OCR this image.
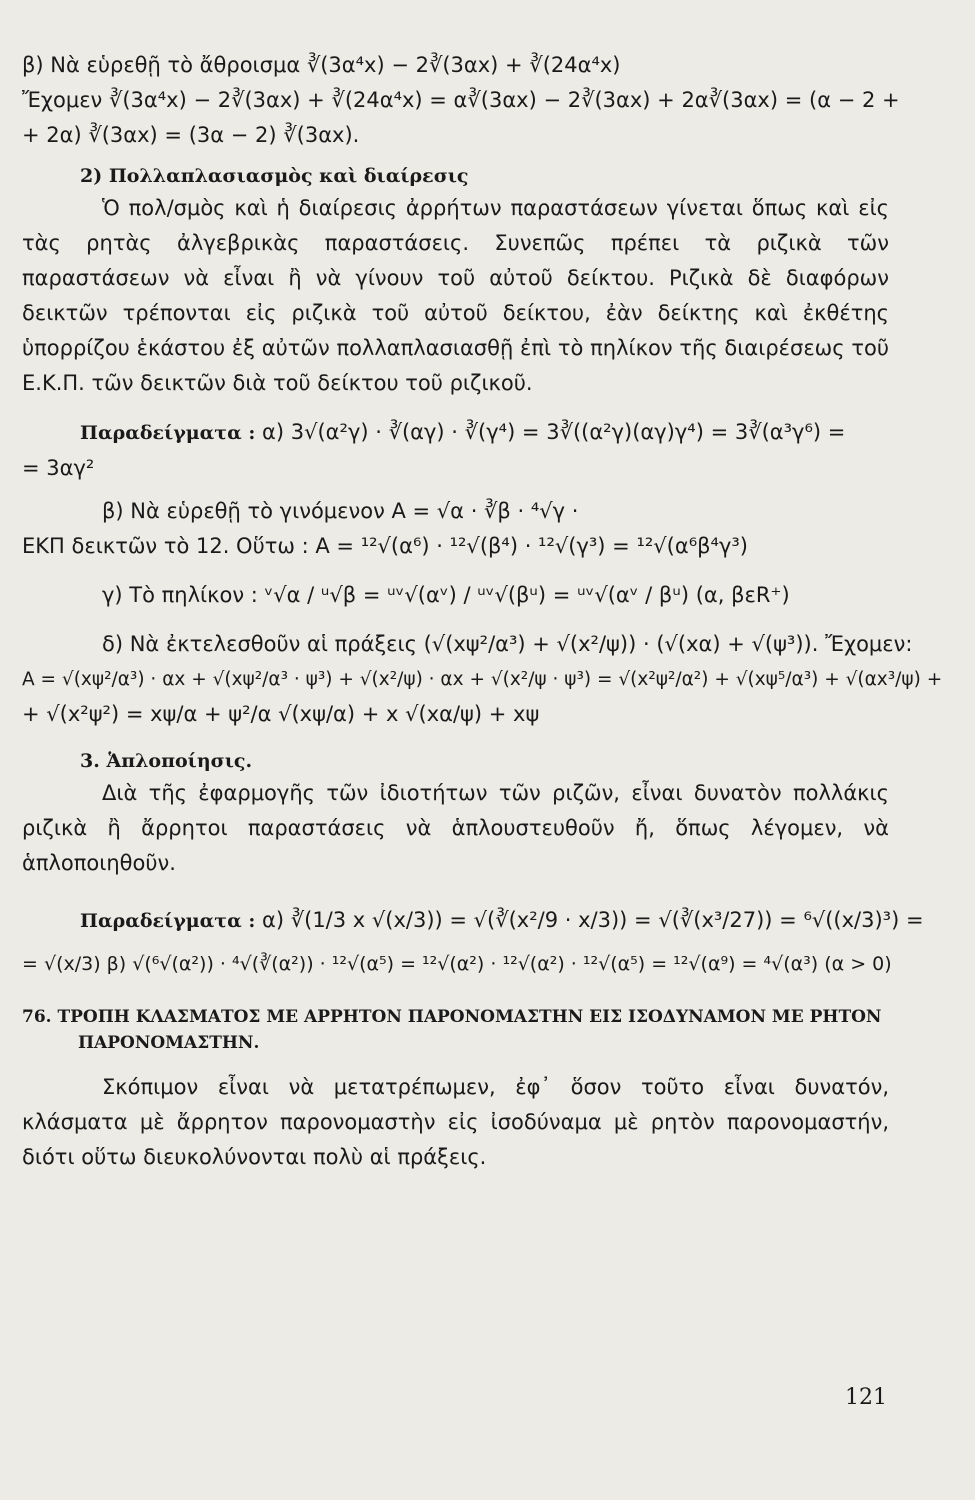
β) Νὰ εὑρεθῇ τὸ ἄθροισμα ∛(3α⁴x) − 2∛(3αx) + ∛(24α⁴x)
Ἔχομεν ∛(3α⁴x) − 2∛(3αx) + ∛(24α⁴x) = α∛(3αx) − 2∛(3αx) + 2α∛(3αx) = (α − 2 +
+ 2α) ∛(3αx) = (3α − 2) ∛(3αx).
2) Πολλαπλασιασμὸς καὶ διαίρεσις
Ὁ πολ/σμὸς καὶ ἡ διαίρεσις ἀρρήτων παραστάσεων γίνεται ὅπως καὶ εἰς τὰς ρητὰς ἀλγεβρικὰς παραστάσεις. Συνεπῶς πρέπει τὰ ριζικὰ τῶν παραστάσεων νὰ εἶναι ἢ νὰ γίνουν τοῦ αὐτοῦ δείκτου. Ριζικὰ δὲ διαφόρων δεικτῶν τρέπονται εἰς ριζικὰ τοῦ αὐτοῦ δείκτου, ἐὰν δείκτης καὶ ἐκθέτης ὑπορρίζου ἑκάστου ἐξ αὐτῶν πολλαπλασιασθῇ ἐπὶ τὸ πηλίκον τῆς διαιρέσεως τοῦ Ε.Κ.Π. τῶν δεικτῶν διὰ τοῦ δείκτου τοῦ ριζικοῦ.
Παραδείγματα : α) 3√(α²γ) · ∛(αγ) · ∛(γ⁴) = 3∛((α²γ)(αγ)γ⁴) = 3∛(α³γ⁶) =
= 3αγ²
β) Νὰ εὑρεθῇ τὸ γινόμενον Α = √α · ∛β · ⁴√γ ·
ΕΚΠ δεικτῶν τὸ 12. Οὕτω : Α = ¹²√(α⁶) · ¹²√(β⁴) · ¹²√(γ³) = ¹²√(α⁶β⁴γ³)
γ) Τὸ πηλίκον : ᵛ√α / ᵘ√β = ᵘᵛ√(αᵛ) / ᵘᵛ√(βᵘ) = ᵘᵛ√(αᵛ / βᵘ) (α, βεR⁺)
δ) Νὰ ἐκτελεσθοῦν αἱ πράξεις (√(xψ²/α³) + √(x²/ψ)) · (√(xα) + √(ψ³)). Ἔχομεν:
Α = √(xψ²/α³) · αx + √(xψ²/α³ · ψ³) + √(x²/ψ) · αx + √(x²/ψ · ψ³) = √(x²ψ²/α²) + √(xψ⁵/α³) + √(αx³/ψ) +
+ √(x²ψ²) = xψ/α + ψ²/α √(xψ/α) + x √(xα/ψ) + xψ
3. Ἁπλοποίησις.
Διὰ τῆς ἐφαρμογῆς τῶν ἰδιοτήτων τῶν ριζῶν, εἶναι δυνατὸν πολλάκις ριζικὰ ἢ ἄρρητοι παραστάσεις νὰ ἁπλουστευθοῦν ἤ, ὅπως λέγομεν, νὰ ἁπλοποιηθοῦν.
Παραδείγματα : α) ∛(1/3 x √(x/3)) = √(∛(x²/9 · x/3)) = √(∛(x³/27)) = ⁶√((x/3)³) =
= √(x/3) β) √(⁶√(α²)) · ⁴√(∛(α²)) · ¹²√(α⁵) = ¹²√(α²) · ¹²√(α²) · ¹²√(α⁵) = ¹²√(α⁹) = ⁴√(α³) (α > 0)
76. ΤΡΟΠΗ ΚΛΑΣΜΑΤΟΣ ΜΕ ΑΡΡΗΤΟΝ ΠΑΡΟΝΟΜΑΣΤΗΝ ΕΙΣ ΙΣΟΔΥΝΑΜΟΝ ΜΕ ΡΗΤΟΝ ΠΑΡΟΝΟΜΑΣΤΗΝ.
Σκόπιμον εἶναι νὰ μετατρέπωμεν, ἐφ᾿ ὅσον τοῦτο εἶναι δυνατόν, κλάσματα μὲ ἄρρητον παρονομαστὴν εἰς ἰσοδύναμα μὲ ρητὸν παρονομαστήν, διότι οὕτω διευκολύνονται πολὺ αἱ πράξεις.
121
